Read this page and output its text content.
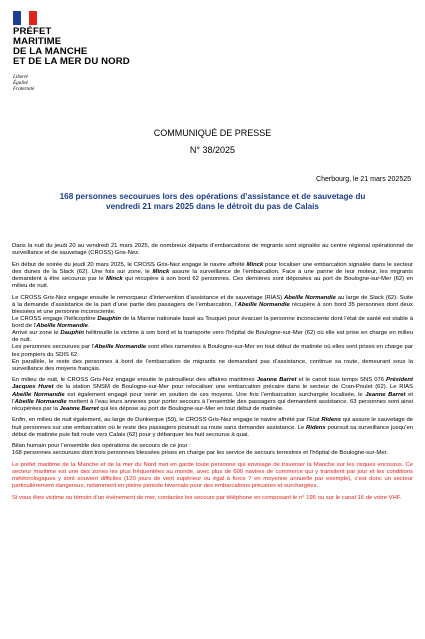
PRÉFET
MARITIME
DE LA MANCHE
ET DE LA MER DU NORD
Liberté
Égalité
Fraternité
COMMUNIQUÉ DE PRESSE
N° 38/2025
Cherbourg, le 21 mars 202525
168 personnes secourues lors des opérations d’assistance et de sauvetage du
vendredi 21 mars 2025 dans le détroit du pas de Calais

Dans la nuit du jeudi 20 au vendredi 21 mars 2025, de nombreux départs d’embarcations de migrants sont signalés au centre régional opérationnel de surveillance et de sauvetage (CROSS) Gris-Nez.

En début de soirée du jeudi 20 mars 2025, le CROSS Gris-Nez engage le navire affrété Minck pour localiser une embarcation signalée dans le secteur des dunes de la Slack (62). Une fois sur zone, le Minck assure la surveillance de l’embarcation. Face à une panne de leur moteur, les migrants demandent à être secourus par le Minck qui récupère à son bord 62 personnes. Ces dernières sont déposées au port de Boulogne-sur-Mer (62) en milieu de nuit.

Le CROSS Gris-Nez engage ensuite le remorqueur d’intervention d’assistance et de sauvetage (RIAS) Abeille Normandie au large de Slack (62). Suite à la demande d’assistance de la part d’une partie des passagers de l’embarcation, l’Abeille Normandie récupère à son bord 35 personnes dont deux blessées et une personne inconsciente.

Le CROSS engage l’hélicoptère Dauphin de la Marine nationale basé au Touquet pour évacuer la personne inconsciente dont l’état de santé est stable à bord de l’Abeille Normandie.

Arrivé sur zone le Dauphin hélitreuille la victime à son bord et la transporte vers l’hôpital de Boulogne-sur-Mer (62) où elle est prise en charge en milieu de nuit.

Les personnes secourues par l’Abeille Normandie sont elles ramenées à Boulogne-sur-Mer en tout début de matinée où elles sont prises en charge par les pompiers du SDIS 62.

En parallèle, le reste des personnes à bord de l’embarcation de migrants ne demandant pas d’assistance, continue sa route, demeurant sous la surveillance des moyens français.

En milieu de nuit, le CROSS Gris-Nez engage ensuite le patrouilleur des affaires maritimes Jeanne Barret et le canot tous temps SNS 076 Président Jacques Huret de la station SNSM de Boulogne-sur-Mer pour relocaliser une embarcation précaire dans le secteur de Cran-Poulet (62). Le RIAS Abeille Normandie est également engagé pour venir en soutien de ces moyens. Une fois l’embarcation surchargée localisée, le Jeanne Barret et l’Abeille Normandie mettent à l’eau leurs annexes pour porter secours à l’ensemble des passagers qui demandent assistance. 63 personnes sont ainsi récupérées par la Jeanne Barret qui les dépose au port de Boulogne-sur-Mer en tout début de matinée.

Enfin, en milieu de nuit également, au large de Dunkerque (59), le CROSS Gris-Nez engage le navire affrété par l’Etat Ridens qui assure le sauvetage de huit personnes sur une embarcation où le reste des passagers poursuit sa route sans demander assistance. Le Ridens poursuit sa surveillance jusqu’en début de matinée puis fait route vers Calais (62) pour y débarquer les huit secourus à quai.

Bilan humain pour l’ensemble des opérations de secours de ce jour :

168 personnes secourues dont trois personnes blessées prises en charge par les service de secours terrestres et l’hôpital de Boulogne-sur-Mer.

Le préfet maritime de la Manche et de la mer du Nord met en garde toute personne qui envisage de traverser la Manche sur les risques encourus. Ce secteur maritime est une des zones les plus fréquentées au monde, avec plus de 600 navires de commerce qui y transitent par jour et les conditions météorologiques y sont souvent difficiles (120 jours de vent supérieur ou égal à force 7 en moyenne annuelle par exemple), c’est donc un secteur particulièrement dangereux, notamment en pleine période hivernale pour des embarcations précaires et surchargées.

Si vous êtes victime ou témoin d’un événement de mer, contactez les secours par téléphone en composant le n° 196 ou sur le canal 16 de votre VHF.
